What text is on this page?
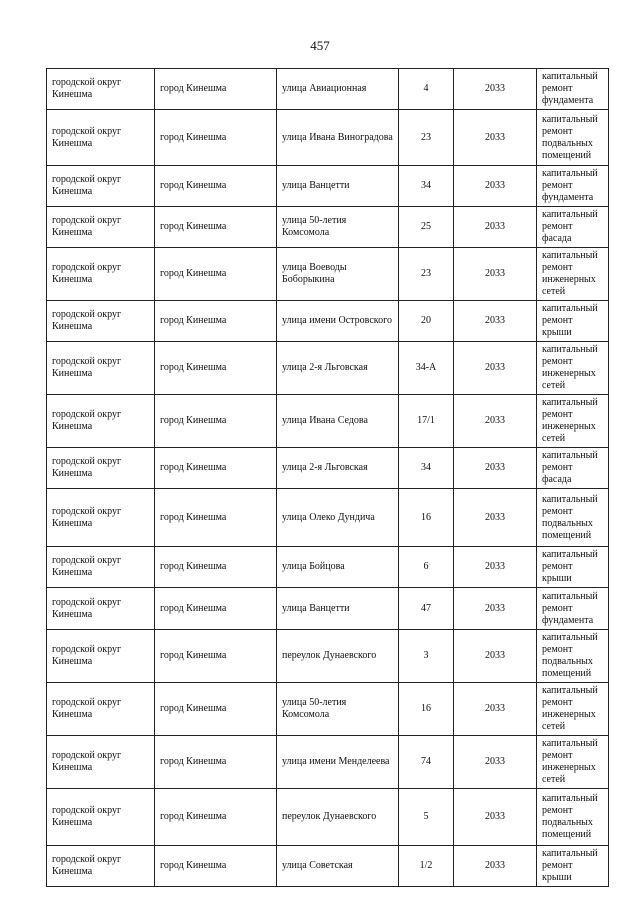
457
городской округ Кинешма	город Кинешма	улица Авиационная	4	2033	капитальный ремонт фундамента
городской округ Кинешма	город Кинешма	улица Ивана Виноградова	23	2033	капитальный ремонт подвальных помещений
городской округ Кинешма	город Кинешма	улица Ванцетти	34	2033	капитальный ремонт фундамента
городской округ Кинешма	город Кинешма	улица 50-летия Комсомола	25	2033	капитальный ремонт фасада
городской округ Кинешма	город Кинешма	улица Воеводы Боборыкина	23	2033	капитальный ремонт инженерных сетей
городской округ Кинешма	город Кинешма	улица имени Островского	20	2033	капитальный ремонт крыши
городской округ Кинешма	город Кинешма	улица 2-я Льговская	34-А	2033	капитальный ремонт инженерных сетей
городской округ Кинешма	город Кинешма	улица Ивана Седова	17/1	2033	капитальный ремонт инженерных сетей
городской округ Кинешма	город Кинешма	улица 2-я Льговская	34	2033	капитальный ремонт фасада
городской округ Кинешма	город Кинешма	улица Олеко Дундича	16	2033	капитальный ремонт подвальных помещений
городской округ Кинешма	город Кинешма	улица Бойцова	6	2033	капитальный ремонт крыши
городской округ Кинешма	город Кинешма	улица Ванцетти	47	2033	капитальный ремонт фундамента
городской округ Кинешма	город Кинешма	переулок Дунаевского	3	2033	капитальный ремонт подвальных помещений
городской округ Кинешма	город Кинешма	улица 50-летия Комсомола	16	2033	капитальный ремонт инженерных сетей
городской округ Кинешма	город Кинешма	улица имени Менделеева	74	2033	капитальный ремонт инженерных сетей
городской округ Кинешма	город Кинешма	переулок Дунаевского	5	2033	капитальный ремонт подвальных помещений
городской округ Кинешма	город Кинешма	улица Советская	1/2	2033	капитальный ремонт крыши
